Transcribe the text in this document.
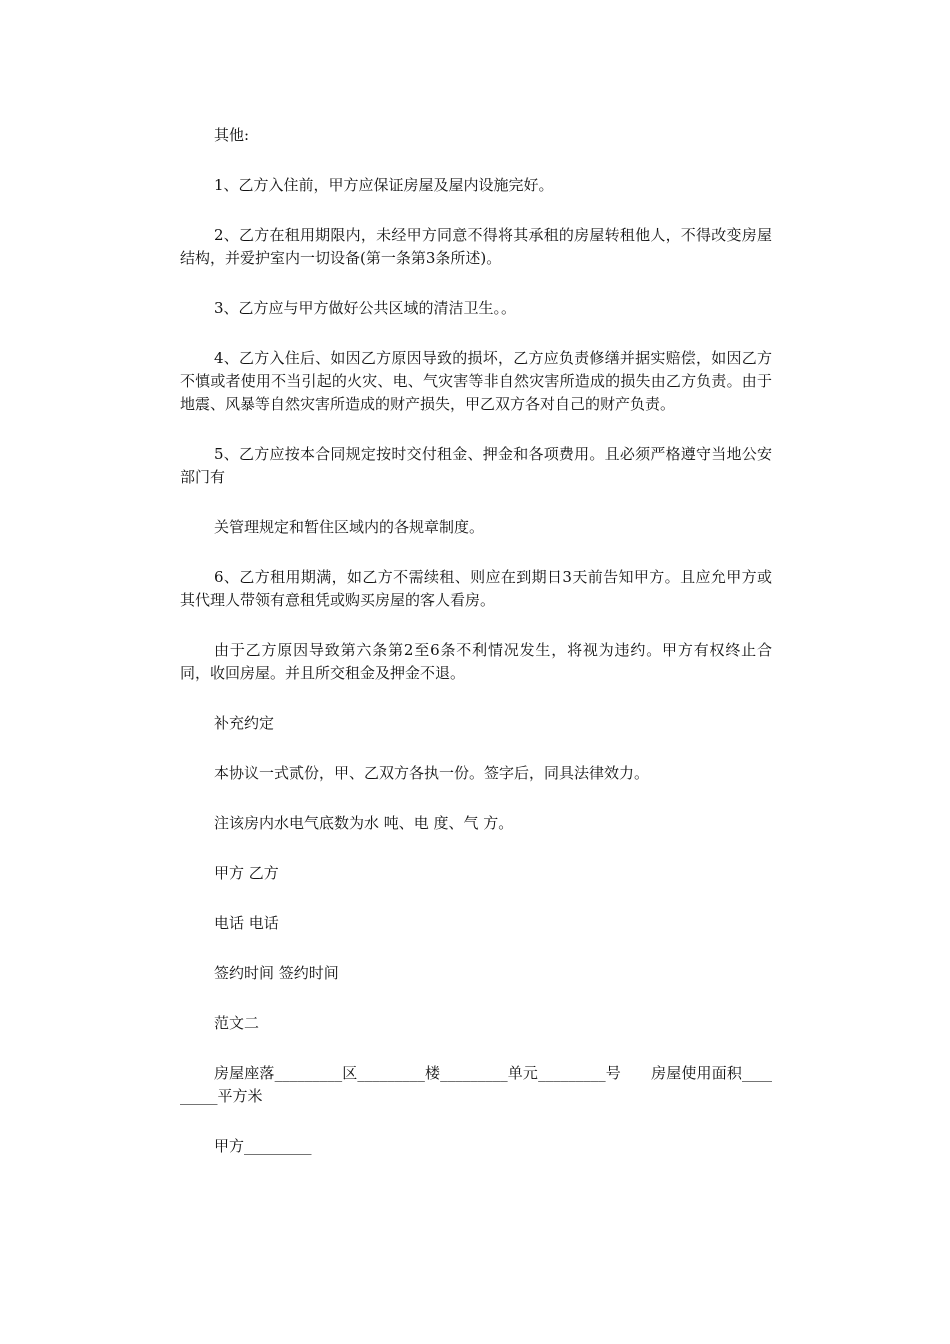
其他:

1、乙方入住前，甲方应保证房屋及屋内设施完好。

2、乙方在租用期限内，未经甲方同意不得将其承租的房屋转租他人，不得改变房屋结构，并爱护室内一切设备(第一条第3条所述)。

3、乙方应与甲方做好公共区域的清洁卫生。。

4、乙方入住后、如因乙方原因导致的损坏，乙方应负责修缮并据实赔偿，如因乙方不慎或者使用不当引起的火灾、电、气灾害等非自然灾害所造成的损失由乙方负责。由于地震、风暴等自然灾害所造成的财产损失，甲乙双方各对自己的财产负责。

5、乙方应按本合同规定按时交付租金、押金和各项费用。且必须严格遵守当地公安部门有

关管理规定和暂住区域内的各规章制度。

6、乙方租用期满，如乙方不需续租、则应在到期日3天前告知甲方。且应允甲方或其代理人带领有意租凭或购买房屋的客人看房。

由于乙方原因导致第六条第2至6条不利情况发生，将视为违约。甲方有权终止合同，收回房屋。并且所交租金及押金不退。

补充约定

本协议一式贰份，甲、乙双方各执一份。签字后，同具法律效力。

注该房内水电气底数为水 吨、电 度、气 方。

甲方 乙方

电话 电话

签约时间 签约时间

范文二

房屋座落_________区_________楼_________单元_________号　　房屋使用面积_________平方米

甲方_________
